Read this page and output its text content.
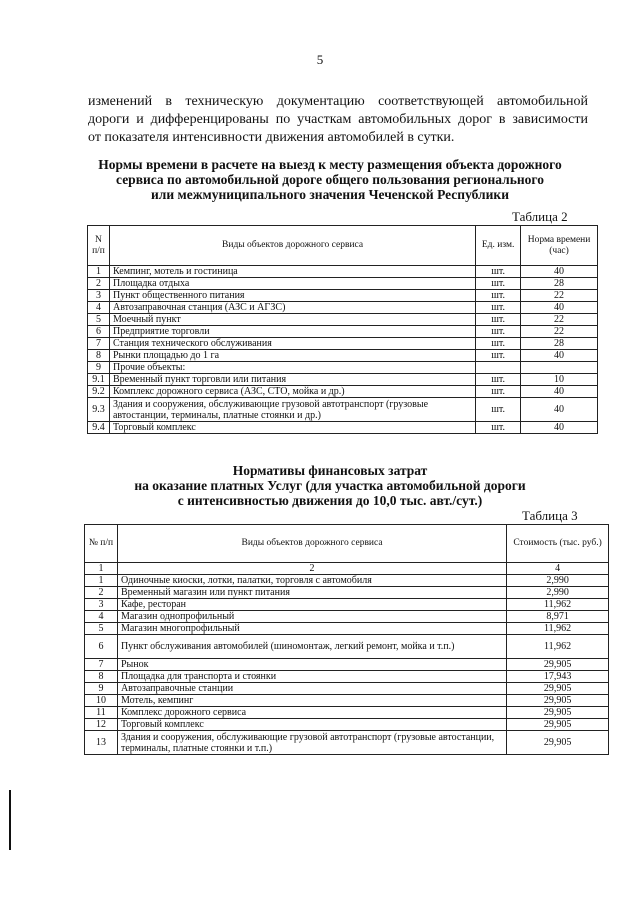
5
изменений в техническую документацию соответствующей автомобильной
дороги и дифференцированы по участкам автомобильных дорог в зависимости
от показателя интенсивности движения автомобилей в сутки.
Нормы времени в расчете на выезд к месту размещения объекта дорожного
сервиса по автомобильной дороге общего пользования регионального
или межмуниципального значения Чеченской Республики
Таблица 2
N п/п	Виды объектов дорожного сервиса	Ед. изм.	Норма времени (час)
1	Кемпинг, мотель и гостиница	шт.	40
2	Площадка отдыха	шт.	28
3	Пункт общественного питания	шт.	22
4	Автозаправочная станция (АЗС и АГЗС)	шт.	40
5	Моечный пункт	шт.	22
6	Предприятие торговли	шт.	22
7	Станция технического обслуживания	шт.	28
8	Рынки площадью до 1 га	шт.	40
9	Прочие объекты:		
9.1	Временный пункт торговли или питания	шт.	10
9.2	Комплекс дорожного сервиса (АЗС, СТО, мойка и др.)	шт.	40
9.3	Здания и сооружения, обслуживающие грузовой автотранспорт (грузовые автостанции, терминалы, платные стоянки и др.)	шт.	40
9.4	Торговый комплекс	шт.	40
Нормативы финансовых затрат
на оказание платных Услуг (для участка автомобильной дороги
с интенсивностью движения до 10,0 тыс. авт./сут.)
Таблица 3
№ п/п	Виды объектов дорожного сервиса	Стоимость (тыс. руб.)
1	2	4
1	Одиночные киоски, лотки, палатки, торговля с автомобиля	2,990
2	Временный магазин или пункт питания	2,990
3	Кафе, ресторан	11,962
4	Магазин однопрофильный	8,971
5	Магазин многопрофильный	11,962
6	Пункт обслуживания автомобилей (шиномонтаж, легкий ремонт, мойка и т.п.)	11,962
7	Рынок	29,905
8	Площадка для транспорта и стоянки	17,943
9	Автозаправочные станции	29,905
10	Мотель, кемпинг	29,905
11	Комплекс дорожного сервиса	29,905
12	Торговый комплекс	29,905
13	Здания и сооружения, обслуживающие грузовой автотранспорт (грузовые автостанции, терминалы, платные стоянки и т.п.)	29,905
